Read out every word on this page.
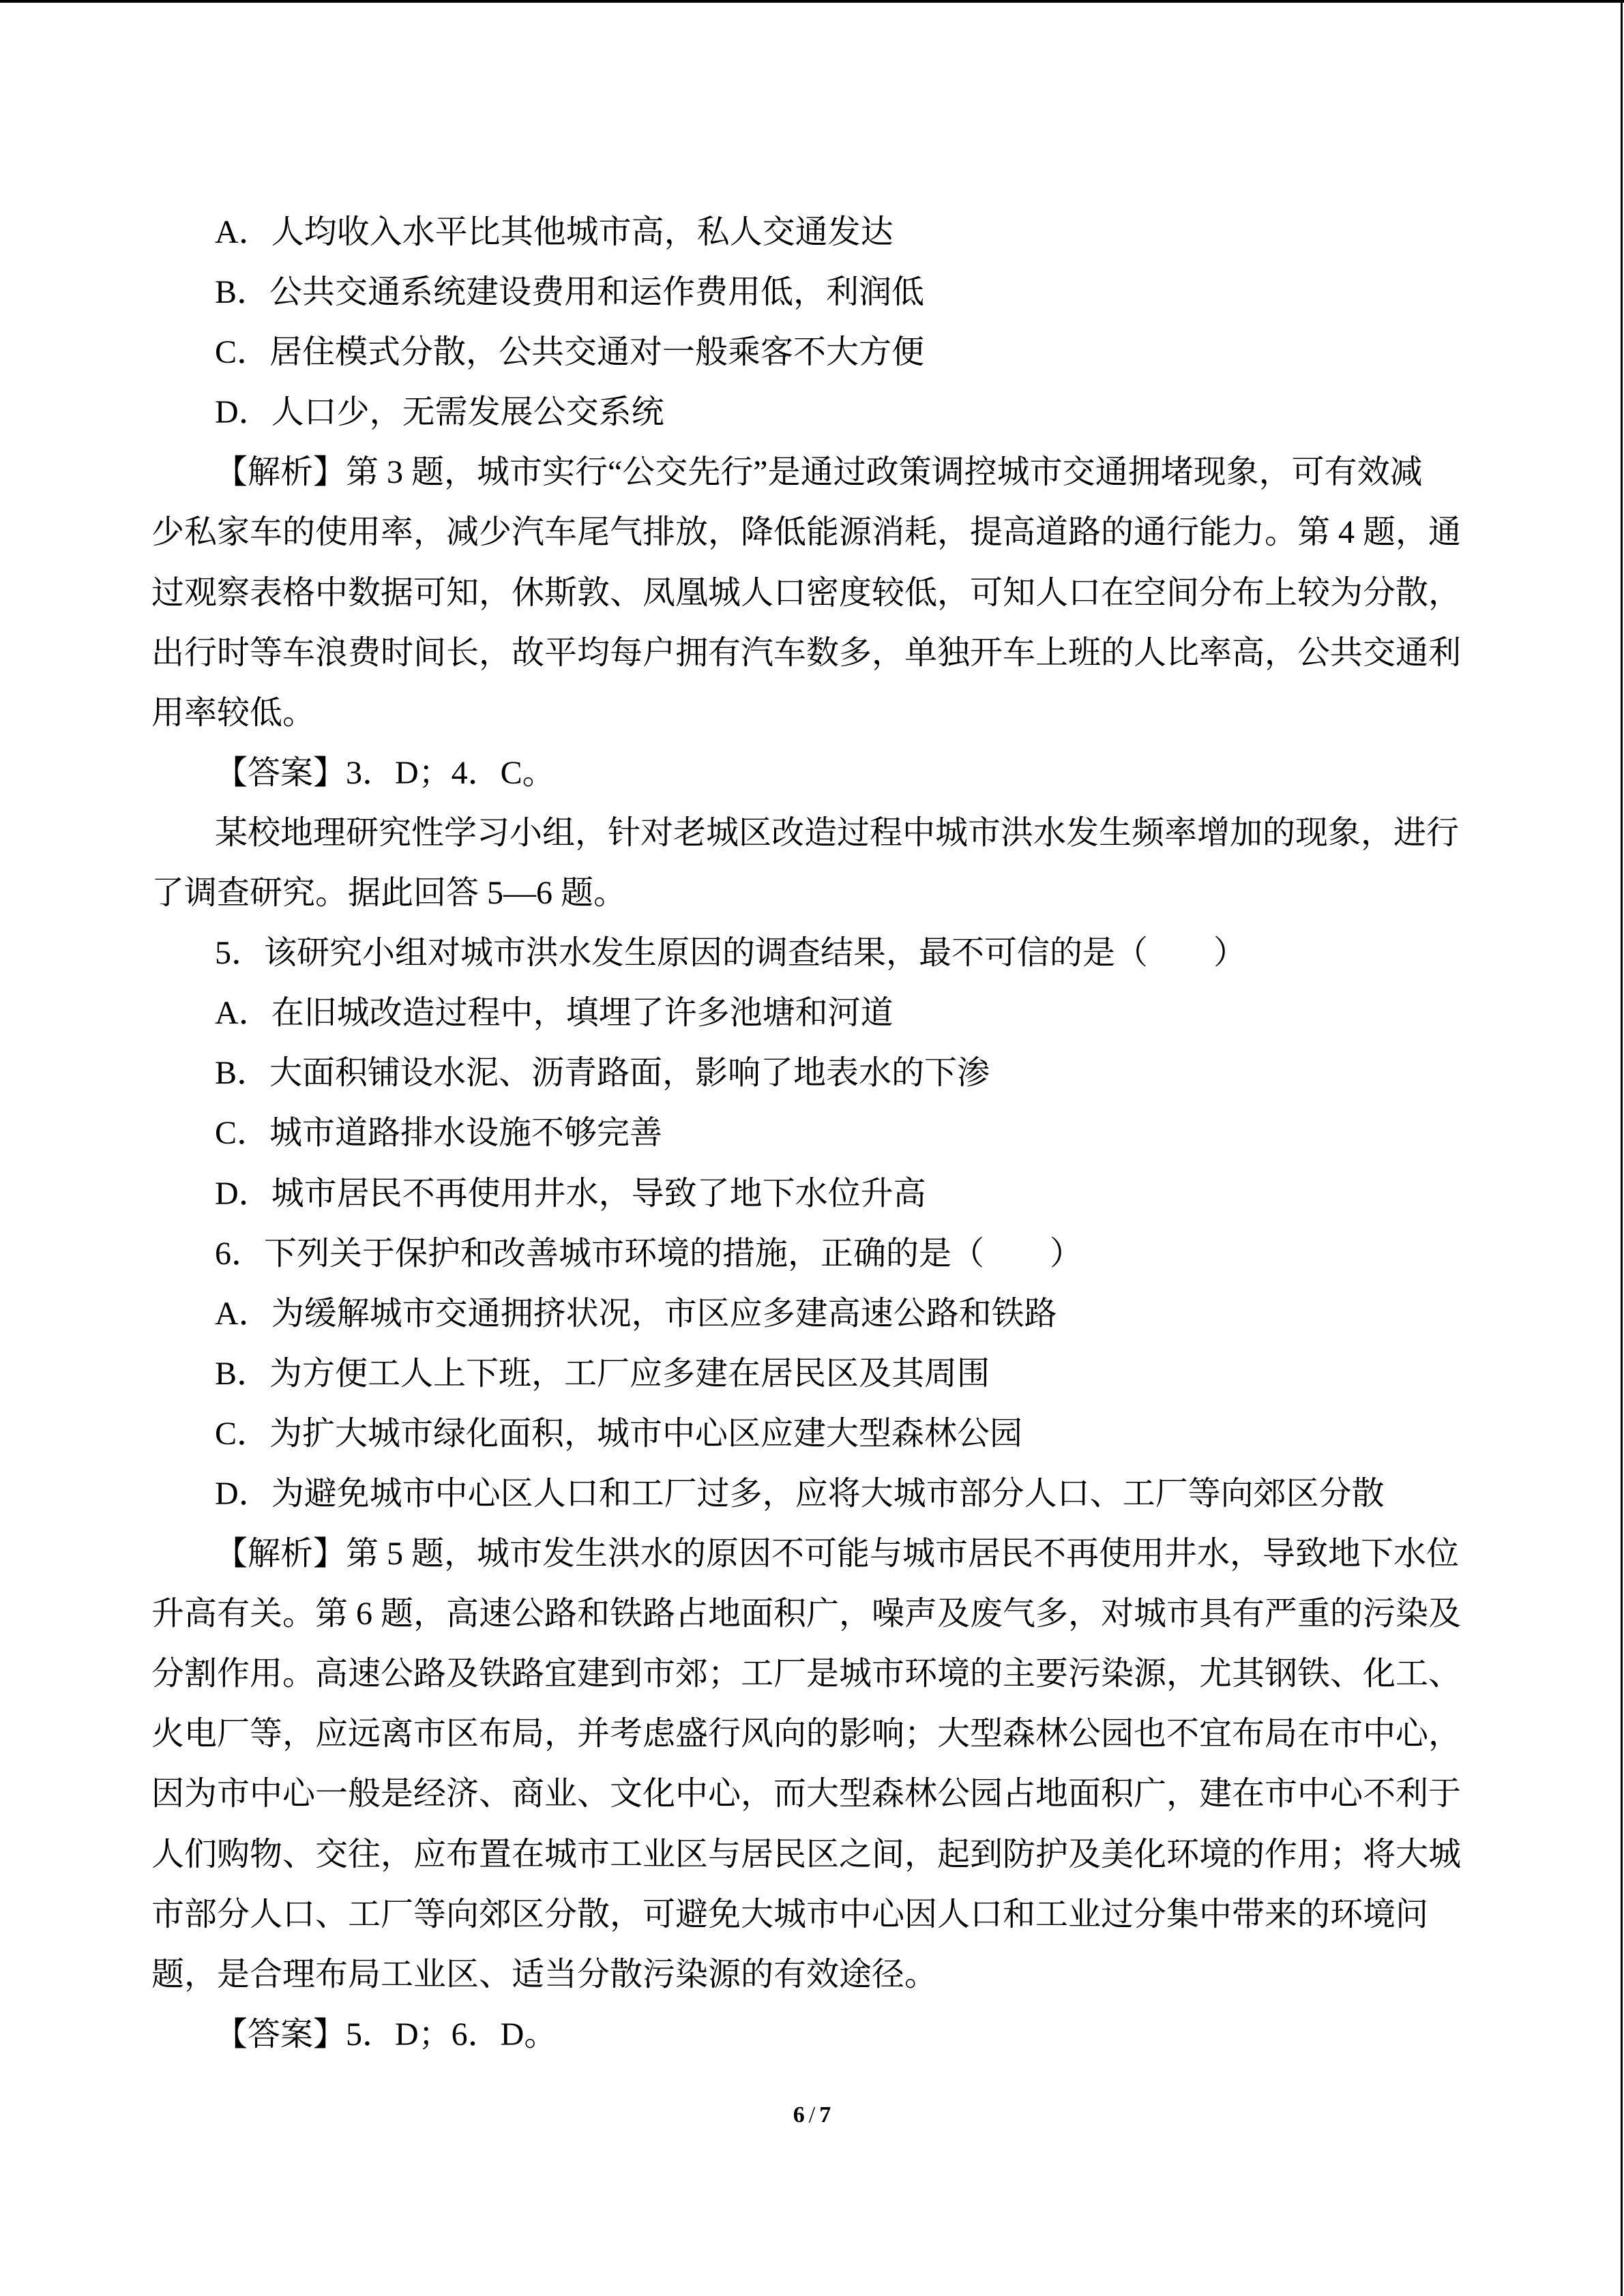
A．人均收入水平比其他城市高，私人交通发达
B．公共交通系统建设费用和运作费用低，利润低
C．居住模式分散，公共交通对一般乘客不大方便
D．人口少，无需发展公交系统
【解析】第 3 题，城市实行“公交先行”是通过政策调控城市交通拥堵现象，可有效减
少私家车的使用率，减少汽车尾气排放，降低能源消耗，提高道路的通行能力。第 4 题，通
过观察表格中数据可知，休斯敦、凤凰城人口密度较低，可知人口在空间分布上较为分散，
出行时等车浪费时间长，故平均每户拥有汽车数多，单独开车上班的人比率高，公共交通利
用率较低。
【答案】3．D；4．C。
某校地理研究性学习小组，针对老城区改造过程中城市洪水发生频率增加的现象，进行
了调查研究。据此回答 5—6 题。
5．该研究小组对城市洪水发生原因的调查结果，最不可信的是（　　）
A．在旧城改造过程中，填埋了许多池塘和河道
B．大面积铺设水泥、沥青路面，影响了地表水的下渗
C．城市道路排水设施不够完善
D．城市居民不再使用井水，导致了地下水位升高
6．下列关于保护和改善城市环境的措施，正确的是（　　）
A．为缓解城市交通拥挤状况，市区应多建高速公路和铁路
B．为方便工人上下班，工厂应多建在居民区及其周围
C．为扩大城市绿化面积，城市中心区应建大型森林公园
D．为避免城市中心区人口和工厂过多，应将大城市部分人口、工厂等向郊区分散
【解析】第 5 题，城市发生洪水的原因不可能与城市居民不再使用井水，导致地下水位
升高有关。第 6 题，高速公路和铁路占地面积广，噪声及废气多，对城市具有严重的污染及
分割作用。高速公路及铁路宜建到市郊；工厂是城市环境的主要污染源，尤其钢铁、化工、
火电厂等，应远离市区布局，并考虑盛行风向的影响；大型森林公园也不宜布局在市中心，
因为市中心一般是经济、商业、文化中心，而大型森林公园占地面积广，建在市中心不利于
人们购物、交往，应布置在城市工业区与居民区之间，起到防护及美化环境的作用；将大城
市部分人口、工厂等向郊区分散，可避免大城市中心因人口和工业过分集中带来的环境问
题，是合理布局工业区、适当分散污染源的有效途径。
【答案】5．D；6．D。
6 / 7
